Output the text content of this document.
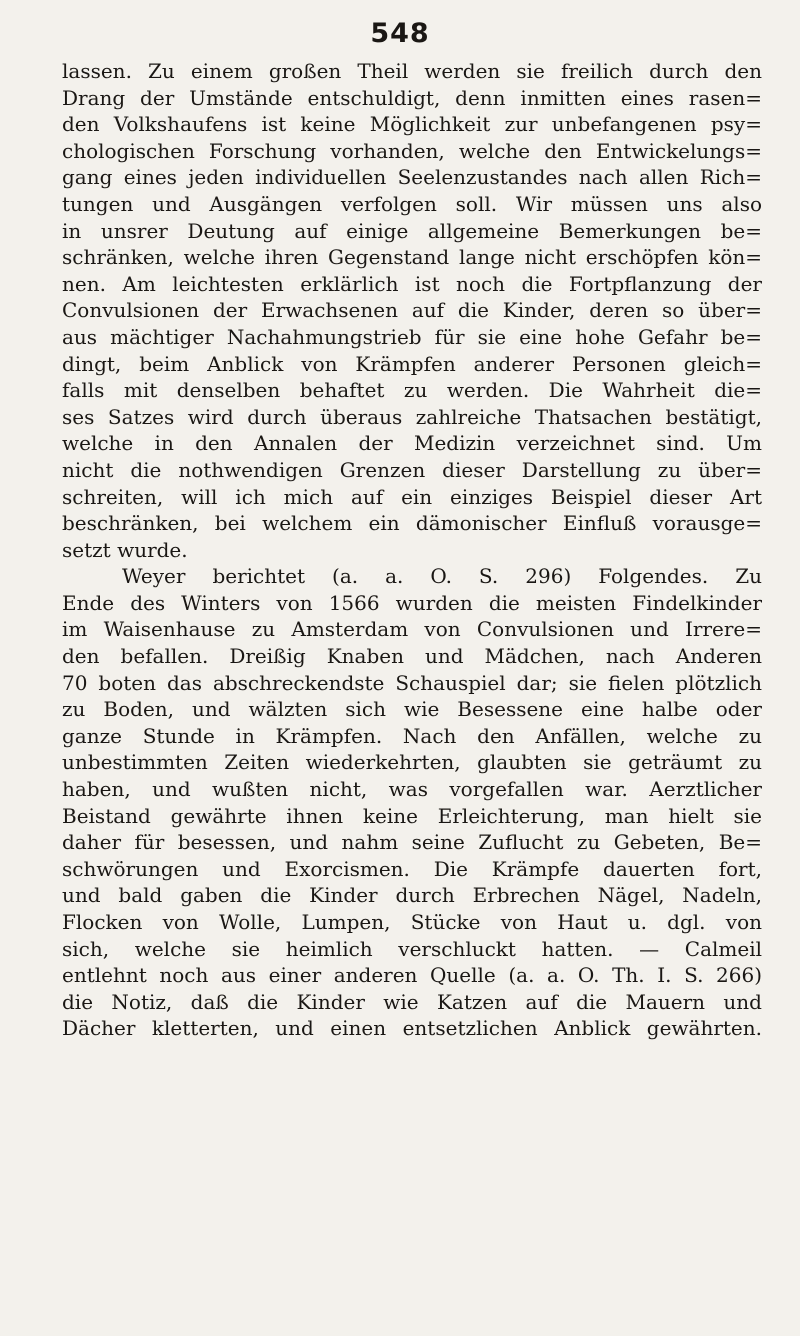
548
lassen. Zu einem großen Theil werden sie freilich durch den
Drang der Umstände entschuldigt, denn inmitten eines rasen=
den Volkshaufens ist keine Möglichkeit zur unbefangenen psy=
chologischen Forschung vorhanden, welche den Entwickelungs=
gang eines jeden individuellen Seelenzustandes nach allen Rich=
tungen und Ausgängen verfolgen soll. Wir müssen uns also
in unsrer Deutung auf einige allgemeine Bemerkungen be=
schränken, welche ihren Gegenstand lange nicht erschöpfen kön=
nen. Am leichtesten erklärlich ist noch die Fortpflanzung der
Convulsionen der Erwachsenen auf die Kinder, deren so über=
aus mächtiger Nachahmungstrieb für sie eine hohe Gefahr be=
dingt, beim Anblick von Krämpfen anderer Personen gleich=
falls mit denselben behaftet zu werden. Die Wahrheit die=
ses Satzes wird durch überaus zahlreiche Thatsachen bestätigt,
welche in den Annalen der Medizin verzeichnet sind. Um
nicht die nothwendigen Grenzen dieser Darstellung zu über=
schreiten, will ich mich auf ein einziges Beispiel dieser Art
beschränken, bei welchem ein dämonischer Einfluß vorausge=
setzt wurde.
Weyer berichtet (a. a. O. S. 296) Folgendes. Zu
Ende des Winters von 1566 wurden die meisten Findelkinder
im Waisenhause zu Amsterdam von Convulsionen und Irrere=
den befallen. Dreißig Knaben und Mädchen, nach Anderen
70 boten das abschreckendste Schauspiel dar; sie fielen plötzlich
zu Boden, und wälzten sich wie Besessene eine halbe oder
ganze Stunde in Krämpfen. Nach den Anfällen, welche zu
unbestimmten Zeiten wiederkehrten, glaubten sie geträumt zu
haben, und wußten nicht, was vorgefallen war. Aerztlicher
Beistand gewährte ihnen keine Erleichterung, man hielt sie
daher für besessen, und nahm seine Zuflucht zu Gebeten, Be=
schwörungen und Exorcismen. Die Krämpfe dauerten fort,
und bald gaben die Kinder durch Erbrechen Nägel, Nadeln,
Flocken von Wolle, Lumpen, Stücke von Haut u. dgl. von
sich, welche sie heimlich verschluckt hatten. — Calmeil
entlehnt noch aus einer anderen Quelle (a. a. O. Th. I. S. 266)
die Notiz, daß die Kinder wie Katzen auf die Mauern und
Dächer kletterten, und einen entsetzlichen Anblick gewährten.
